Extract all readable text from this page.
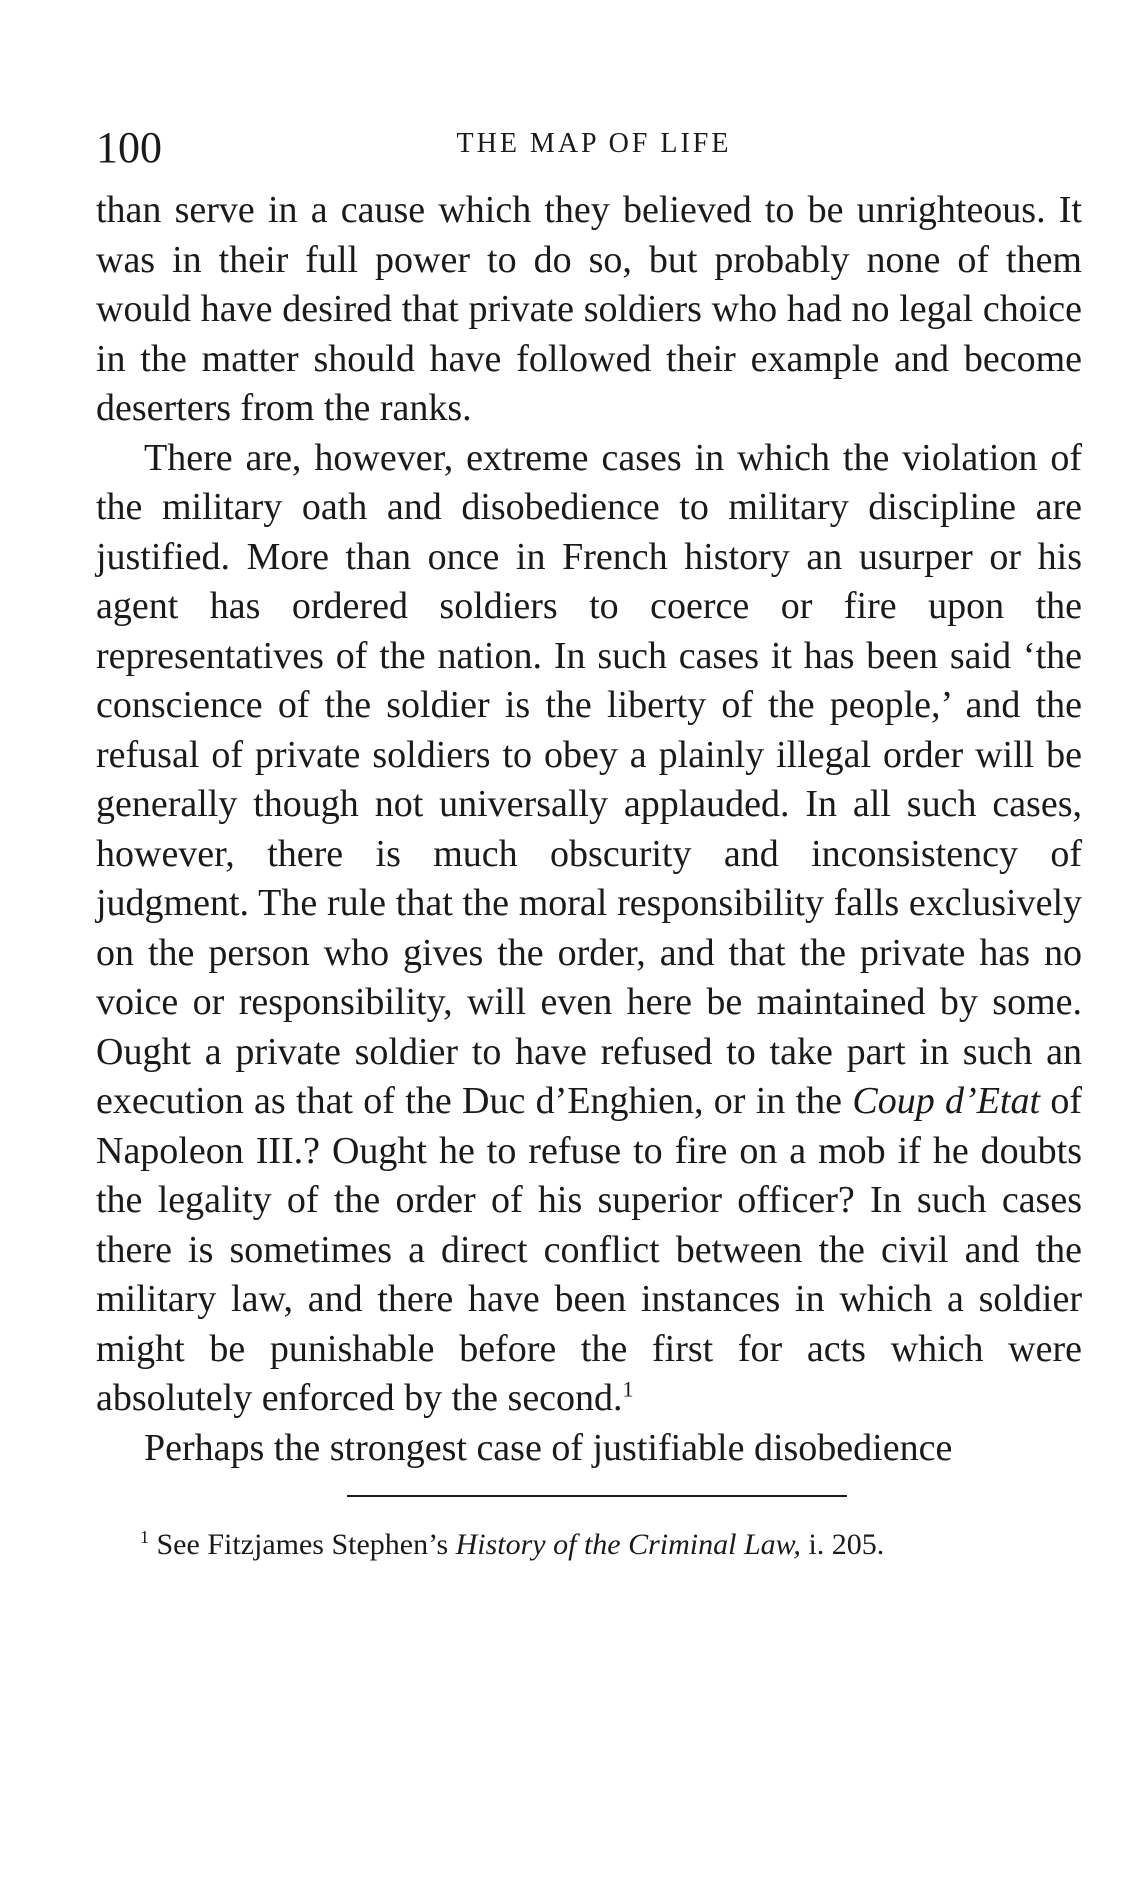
100	THE MAP OF LIFE

than serve in a cause which they believed to be unrighteous. It was in their full power to do so, but probably none of them would have desired that private soldiers who had no legal choice in the matter should have followed their example and become deserters from the ranks.

There are, however, extreme cases in which the violation of the military oath and disobedience to military discipline are justified. More than once in French history an usurper or his agent has ordered soldiers to coerce or fire upon the representatives of the nation. In such cases it has been said ‘the conscience of the soldier is the liberty of the people,’ and the refusal of private soldiers to obey a plainly illegal order will be generally though not universally applauded. In all such cases, however, there is much obscurity and inconsistency of judgment. The rule that the moral responsibility falls exclusively on the person who gives the order, and that the private has no voice or responsibility, will even here be maintained by some. Ought a private soldier to have refused to take part in such an execution as that of the Duc d’Enghien, or in the Coup d’Etat of Napoleon III.? Ought he to refuse to fire on a mob if he doubts the legality of the order of his superior officer? In such cases there is sometimes a direct conflict between the civil and the military law, and there have been instances in which a soldier might be punishable before the first for acts which were absolutely enforced by the second.$^1$

Perhaps the strongest case of justifiable disobedience

$^1$ See Fitzjames Stephen’s History of the Criminal Law, i. 205.
